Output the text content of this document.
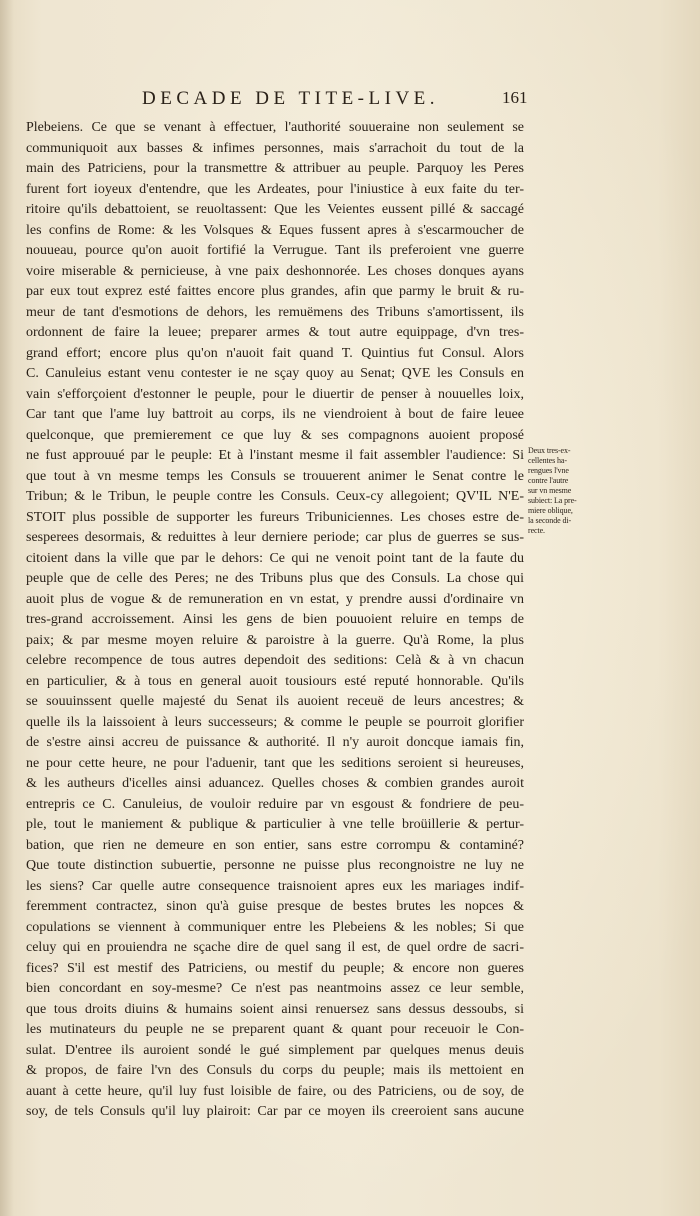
DECADE DE TITE-LIVE.	161
Plebeiens. Ce que se venant à effectuer, l'authorité souueraine non seulement se
communiquoit aux basses & infimes personnes, mais s'arrachoit du tout de la
main des Patriciens, pour la transmettre & attribuer au peuple. Parquoy les Peres
furent fort ioyeux d'entendre, que les Ardeates, pour l'iniustice à eux faite du ter-
ritoire qu'ils debattoient, se reuoltassent: Que les Veientes eussent pillé & saccagé
les confins de Rome: & les Volsques & Eques fussent apres à s'escarmoucher de
nouueau, pource qu'on auoit fortifié la Verrugue. Tant ils preferoient vne guerre
voire miserable & pernicieuse, à vne paix deshonnorée. Les choses donques ayans
par eux tout exprez esté faittes encore plus grandes, afin que parmy le bruit & ru-
meur de tant d'esmotions de dehors, les remuëmens des Tribuns s'amortissent, ils
ordonnent de faire la leuee; preparer armes & tout autre equippage, d'vn tres-
grand effort; encore plus qu'on n'auoit fait quand T. Quintius fut Consul. Alors
C. Canuleius estant venu contester ie ne sçay quoy au Senat; QVE les Consuls en
vain s'efforçoient d'estonner le peuple, pour le diuertir de penser à nouuelles loix,
Car tant que l'ame luy battroit au corps, ils ne viendroient à bout de faire leuee
quelconque, que premierement ce que luy & ses compagnons auoient proposé
ne fust approuué par le peuple: Et à l'instant mesme il fait assembler l'audience: Si
que tout à vn mesme temps les Consuls se trouuerent animer le Senat contre le
Tribun; & le Tribun, le peuple contre les Consuls. Ceux-cy allegoient; QV'IL N'E-
STOIT plus possible de supporter les fureurs Tribuniciennes. Les choses estre de-
sesperees desormais, & reduittes à leur derniere periode; car plus de guerres se sus-
citoient dans la ville que par le dehors: Ce qui ne venoit point tant de la faute du
peuple que de celle des Peres; ne des Tribuns plus que des Consuls. La chose qui
auoit plus de vogue & de remuneration en vn estat, y prendre aussi d'ordinaire vn
tres-grand accroissement. Ainsi les gens de bien pouuoient reluire en temps de
paix; & par mesme moyen reluire & paroistre à la guerre. Qu'à Rome, la plus
celebre recompence de tous autres dependoit des seditions: Celà & à vn chacun
en particulier, & à tous en general auoit tousiours esté reputé honnorable. Qu'ils
se souuinssent quelle majesté du Senat ils auoient receuë de leurs ancestres; &
quelle ils la laissoient à leurs successeurs; & comme le peuple se pourroit glorifier
de s'estre ainsi accreu de puissance & authorité. Il n'y auroit doncque iamais fin,
ne pour cette heure, ne pour l'aduenir, tant que les seditions seroient si heureuses,
& les autheurs d'icelles ainsi aduancez. Quelles choses & combien grandes auroit
entrepris ce C. Canuleius, de vouloir reduire par vn esgoust & fondriere de peu-
ple, tout le maniement & publique & particulier à vne telle broüillerie & pertur-
bation, que rien ne demeure en son entier, sans estre corrompu & contaminé?
Que toute distinction subuertie, personne ne puisse plus recongnoistre ne luy ne
les siens? Car quelle autre consequence traisnoient apres eux les mariages indif-
feremment contractez, sinon qu'à guise presque de bestes brutes les nopces &
copulations se viennent à communiquer entre les Plebeiens & les nobles; Si que
celuy qui en prouiendra ne sçache dire de quel sang il est, de quel ordre de sacri-
fices? S'il est mestif des Patriciens, ou mestif du peuple; & encore non gueres
bien concordant en soy-mesme? Ce n'est pas neantmoins assez ce leur semble,
que tous droits diuins & humains soient ainsi renuersez sans dessus dessoubs, si
les mutinateurs du peuple ne se preparent quant & quant pour receuoir le Con-
sulat. D'entree ils auroient sondé le gué simplement par quelques menus deuis
& propos, de faire l'vn des Consuls du corps du peuple; mais ils mettoient en
auant à cette heure, qu'il luy fust loisible de faire, ou des Patriciens, ou de soy, de
soy, de tels Consuls qu'il luy plairoit: Car par ce moyen ils creeroient sans aucune
Deux tres-ex-
cellentes ha-
rengues l'vne
contre l'autre
sur vn mesme
subiect: La pre-
miere oblique,
la seconde di-
recte.
